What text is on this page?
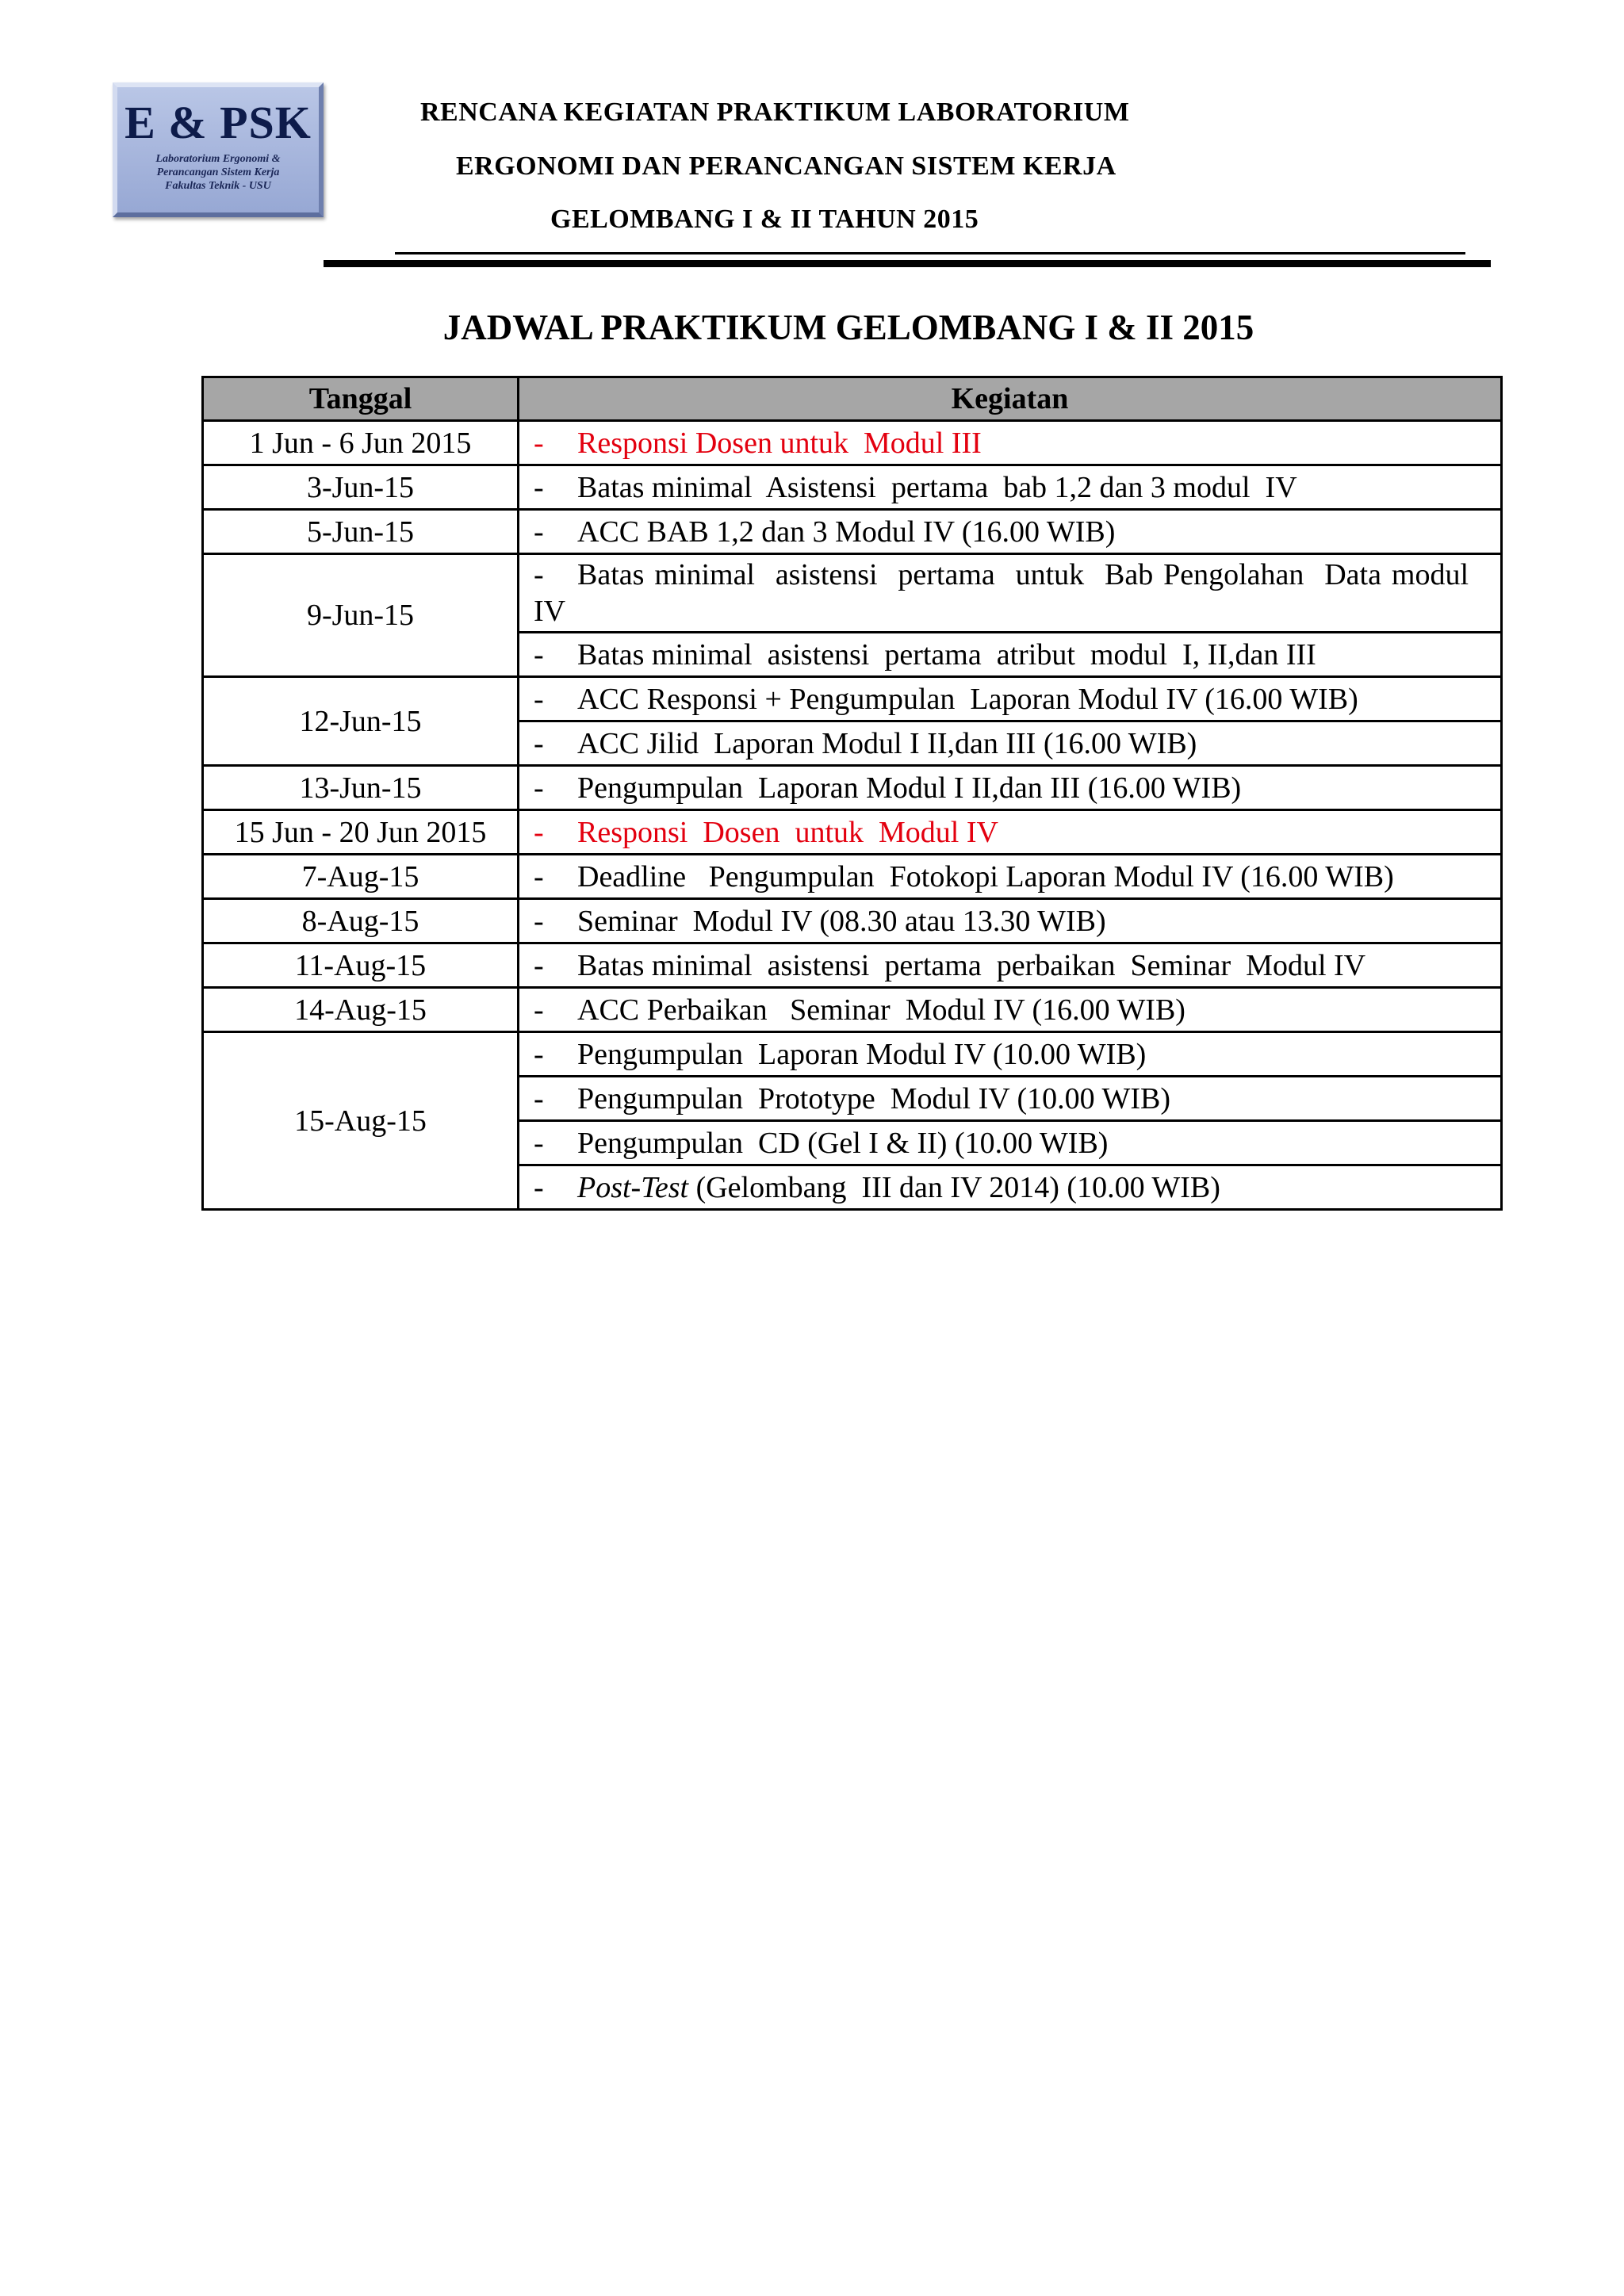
E & PSK
Laboratorium Ergonomi &
Perancangan Sistem Kerja
Fakultas Teknik - USU
RENCANA KEGIATAN PRAKTIKUM LABORATORIUM
ERGONOMI DAN PERANCANGAN SISTEM KERJA
GELOMBANG I & II TAHUN 2015
JADWAL PRAKTIKUM GELOMBANG I & II 2015
Tanggal	Kegiatan
1 Jun - 6 Jun 2015	- Responsi Dosen untuk  Modul III
3-Jun-15	- Batas minimal  Asistensi  pertama  bab 1,2 dan 3 modul  IV
5-Jun-15	- ACC BAB 1,2 dan 3 Modul IV (16.00 WIB)
9-Jun-15	- Batas minimal  asistensi  pertama  untuk  Bab Pengolahan  Data modul IV
	- Batas minimal  asistensi  pertama  atribut  modul  I, II,dan III
12-Jun-15	- ACC Responsi + Pengumpulan  Laporan Modul IV (16.00 WIB)
	- ACC Jilid  Laporan Modul I II,dan III (16.00 WIB)
13-Jun-15	- Pengumpulan  Laporan Modul I II,dan III (16.00 WIB)
15 Jun - 20 Jun 2015	- Responsi  Dosen  untuk  Modul IV
7-Aug-15	- Deadline   Pengumpulan  Fotokopi Laporan Modul IV (16.00 WIB)
8-Aug-15	- Seminar  Modul IV (08.30 atau 13.30 WIB)
11-Aug-15	- Batas minimal  asistensi  pertama  perbaikan  Seminar  Modul IV
14-Aug-15	- ACC Perbaikan   Seminar  Modul IV (16.00 WIB)
15-Aug-15	- Pengumpulan  Laporan Modul IV (10.00 WIB)
	- Pengumpulan  Prototype  Modul IV (10.00 WIB)
	- Pengumpulan  CD (Gel I & II) (10.00 WIB)
	- Post-Test (Gelombang  III dan IV 2014) (10.00 WIB)
